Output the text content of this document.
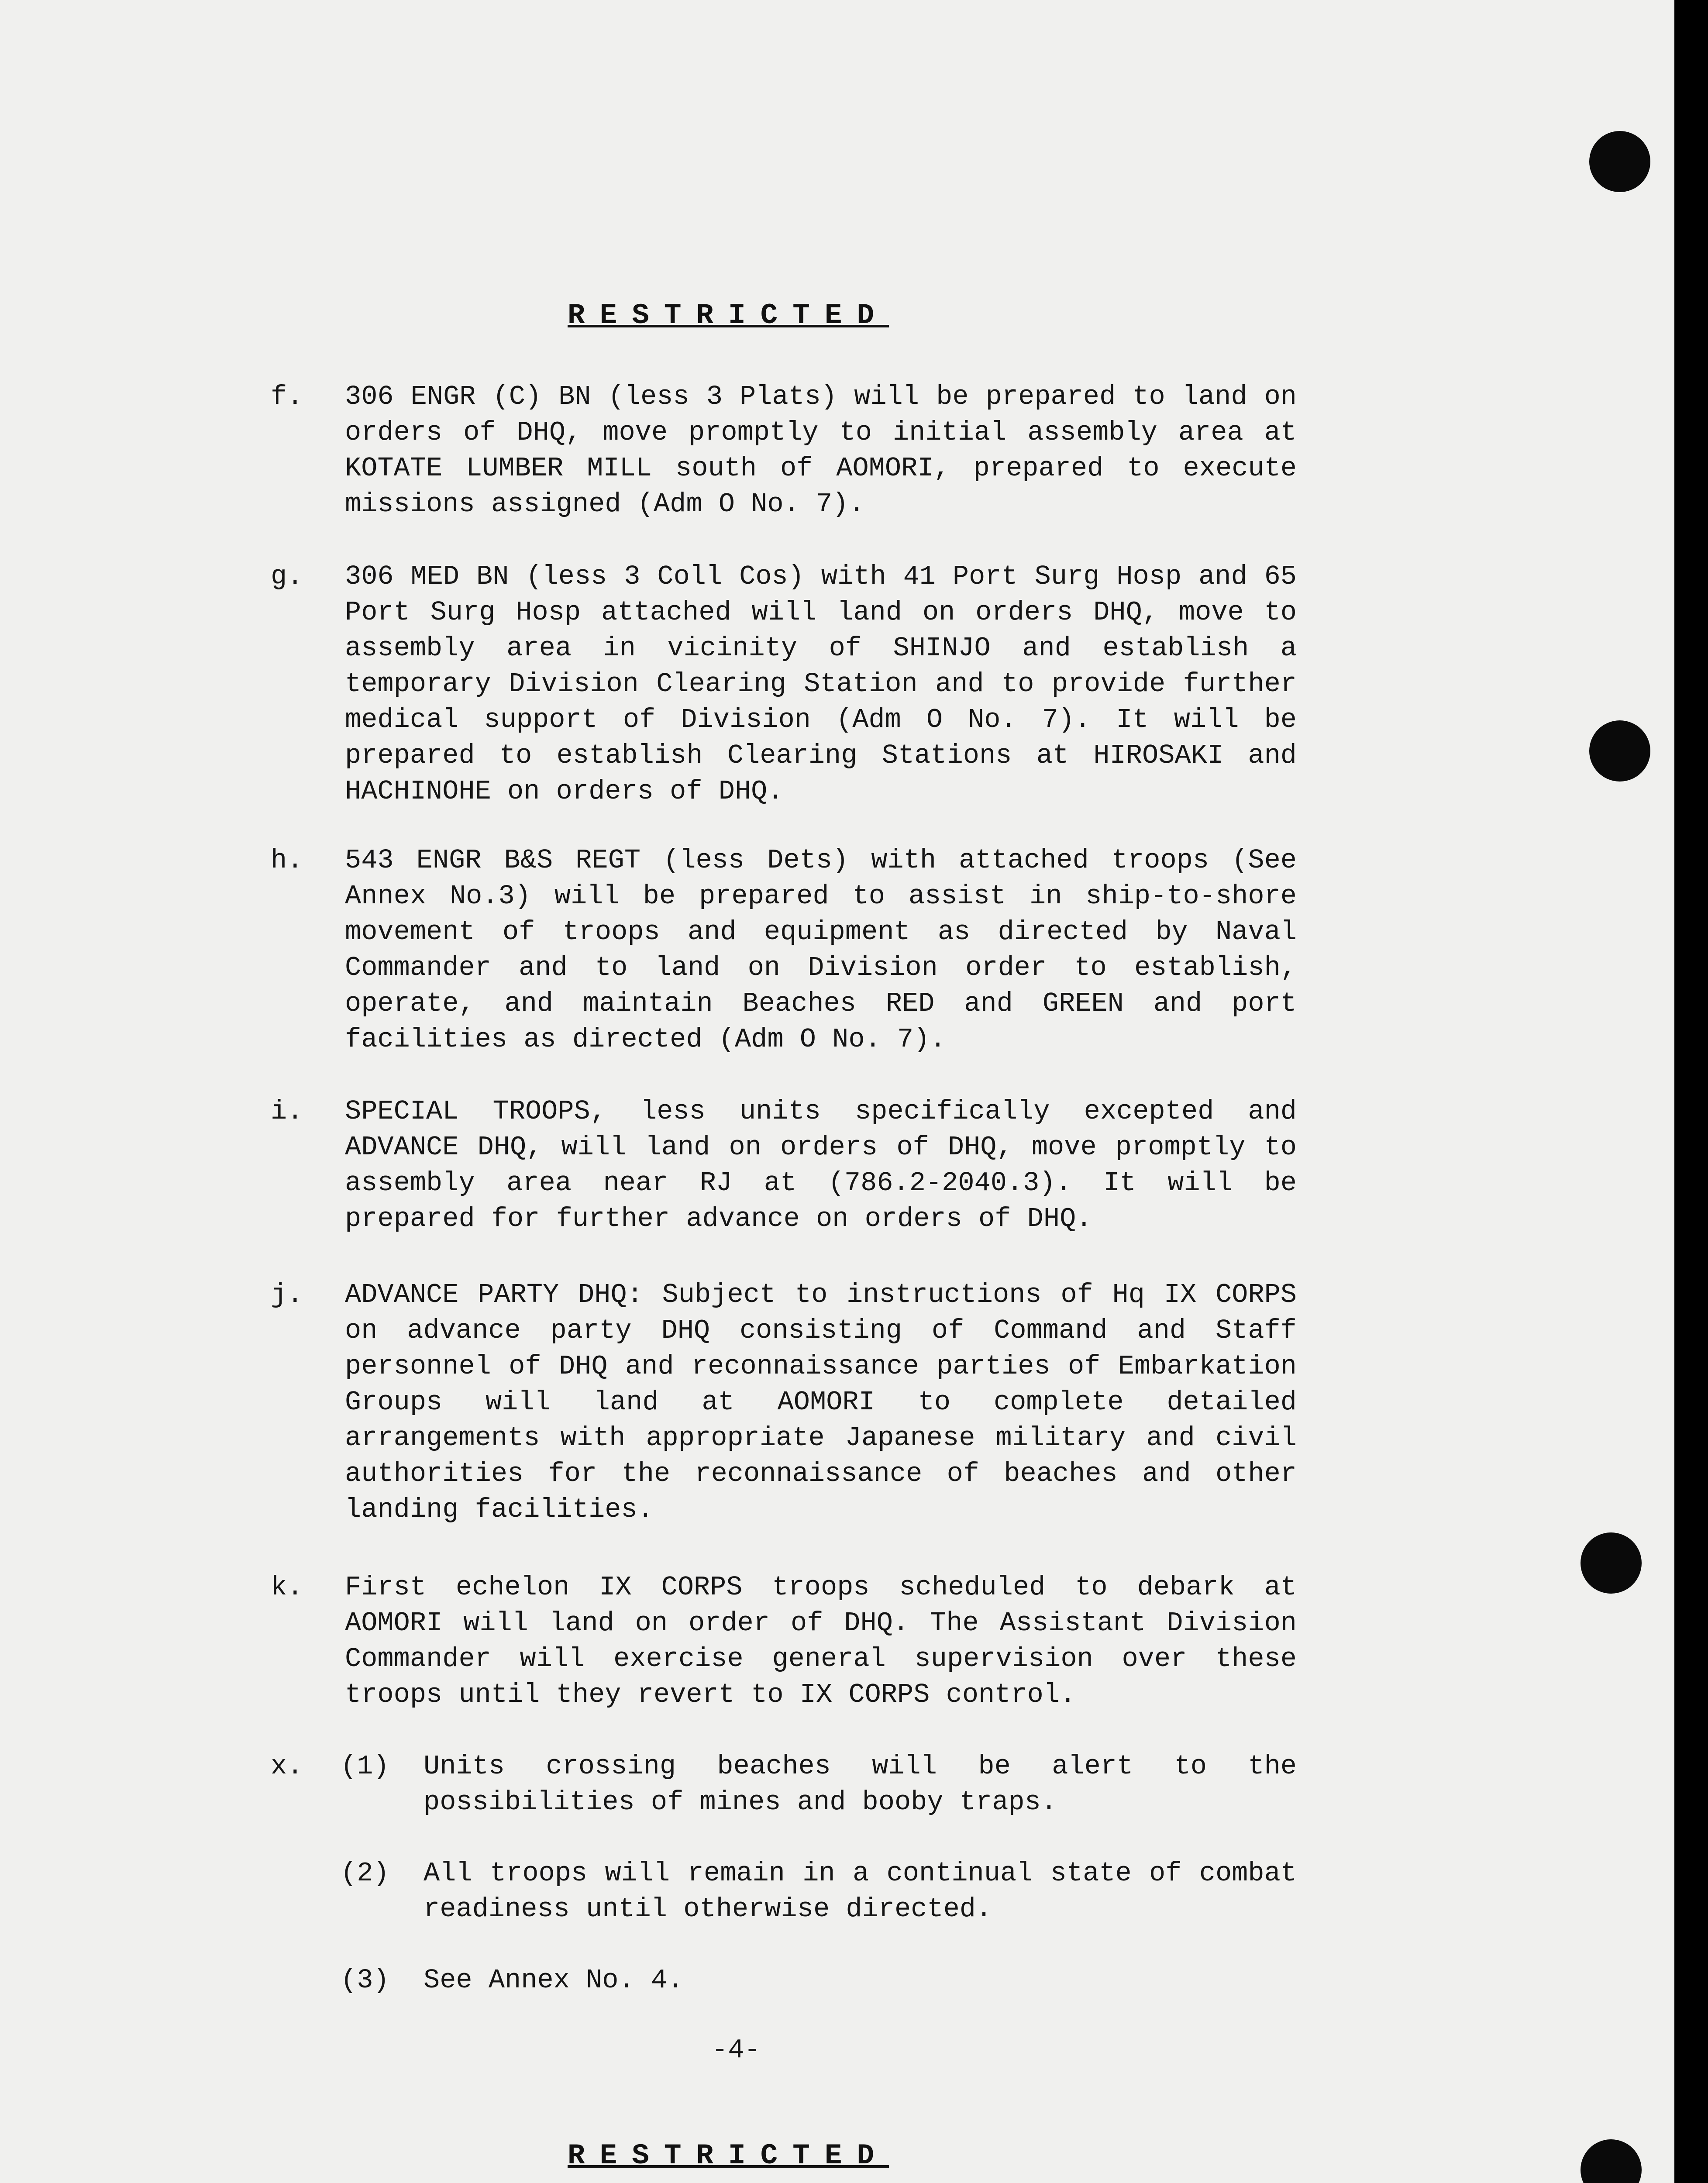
RESTRICTED
f. 306 ENGR (C) BN (less 3 Plats) will be prepared to land on orders of DHQ, move promptly to initial assembly area at KOTATE LUMBER MILL south of AOMORI, prepared to execute missions assigned (Adm O No. 7).
g. 306 MED BN (less 3 Coll Cos) with 41 Port Surg Hosp and 65 Port Surg Hosp attached will land on orders DHQ, move to assembly area in vicinity of SHINJO and establish a temporary Division Clearing Station and to provide further medical support of Division (Adm O No. 7). It will be prepared to establish Clearing Stations at HIROSAKI and HACHINOHE on orders of DHQ.
h. 543 ENGR B&S REGT (less Dets) with attached troops (See Annex No.3) will be prepared to assist in ship-to-shore movement of troops and equipment as directed by Naval Commander and to land on Division order to establish, operate, and maintain Beaches RED and GREEN and port facilities as directed (Adm O No. 7).
i. SPECIAL TROOPS, less units specifically excepted and ADVANCE DHQ, will land on orders of DHQ, move promptly to assembly area near RJ at (786.2-2040.3). It will be prepared for further advance on orders of DHQ.
j. ADVANCE PARTY DHQ: Subject to instructions of Hq IX CORPS on advance party DHQ consisting of Command and Staff personnel of DHQ and reconnaissance parties of Embarkation Groups will land at AOMORI to complete detailed arrangements with appropriate Japanese military and civil authorities for the reconnaissance of beaches and other landing facilities.
k. First echelon IX CORPS troops scheduled to debark at AOMORI will land on order of DHQ. The Assistant Division Commander will exercise general supervision over these troops until they revert to IX CORPS control.
x. (1) Units crossing beaches will be alert to the possibilities of mines and booby traps.
(2) All troops will remain in a continual state of combat readiness until otherwise directed.
(3) See Annex No. 4.
-4-
RESTRICTED
